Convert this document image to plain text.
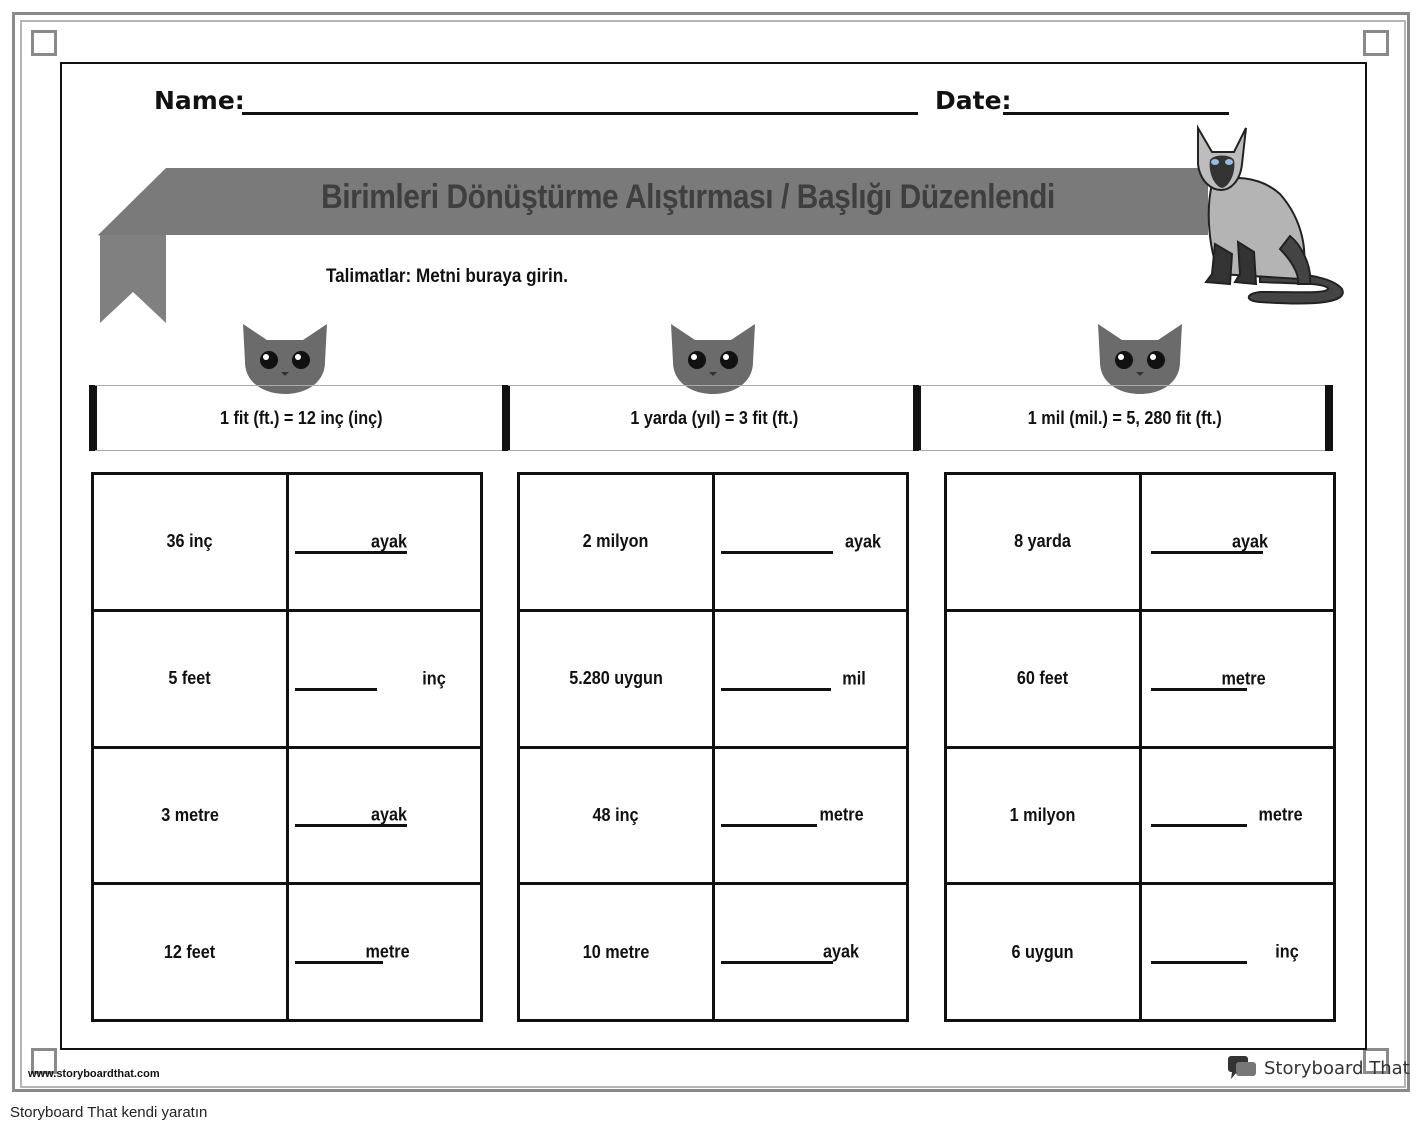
Name:	Date:
Birimleri Dönüştürme Alıştırması / Başlığı Düzenlendi
Talimatlar: Metni buraya girin.
1 fit (ft.) = 12 inç (inç)	1 yarda (yıl) = 3 fit (ft.)	1 mil (mil.) = 5, 280 fit (ft.)
36 inç	ayak

5 feet	inç

3 metre	ayak

12 feet	metre
2 milyon	ayak

5.280 uygun	mil

48 inç	metre

10 metre	ayak
8 yarda	ayak

60 feet	metre

1 milyon	metre

6 uygun	inç
www.storyboardthat.com	Storyboard That
Storyboard That kendi yaratın
